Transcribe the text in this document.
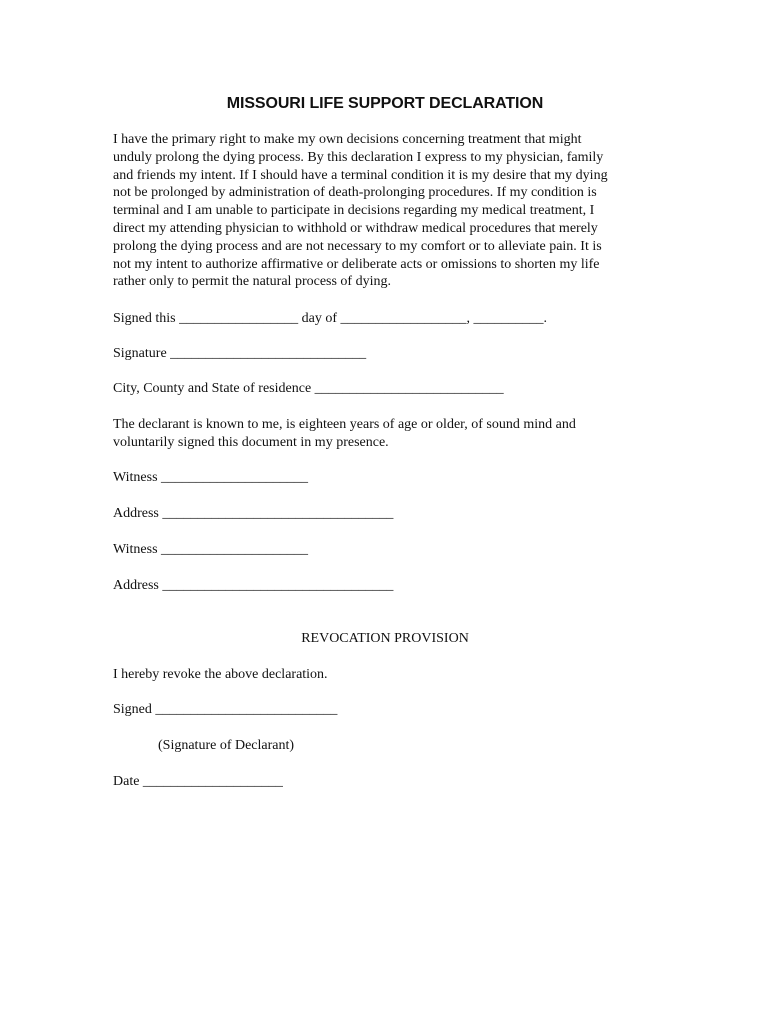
MISSOURI LIFE SUPPORT DECLARATION
I have the primary right to make my own decisions concerning treatment that might
unduly prolong the dying process. By this declaration I express to my physician, family
and friends my intent. If I should have a terminal condition it is my desire that my dying
not be prolonged by administration of death-prolonging procedures. If my condition is
terminal and I am unable to participate in decisions regarding my medical treatment, I
direct my attending physician to withhold or withdraw medical procedures that merely
prolong the dying process and are not necessary to my comfort or to alleviate pain. It is
not my intent to authorize affirmative or deliberate acts or omissions to shorten my life
rather only to permit the natural process of dying.
Signed this _________________ day of __________________, __________.
Signature ____________________________
City, County and State of residence ___________________________
The declarant is known to me, is eighteen years of age or older, of sound mind and
voluntarily signed this document in my presence.
Witness _____________________
Address _________________________________
Witness _____________________
Address _________________________________
REVOCATION PROVISION
I hereby revoke the above declaration.
Signed __________________________
(Signature of Declarant)
Date ____________________
